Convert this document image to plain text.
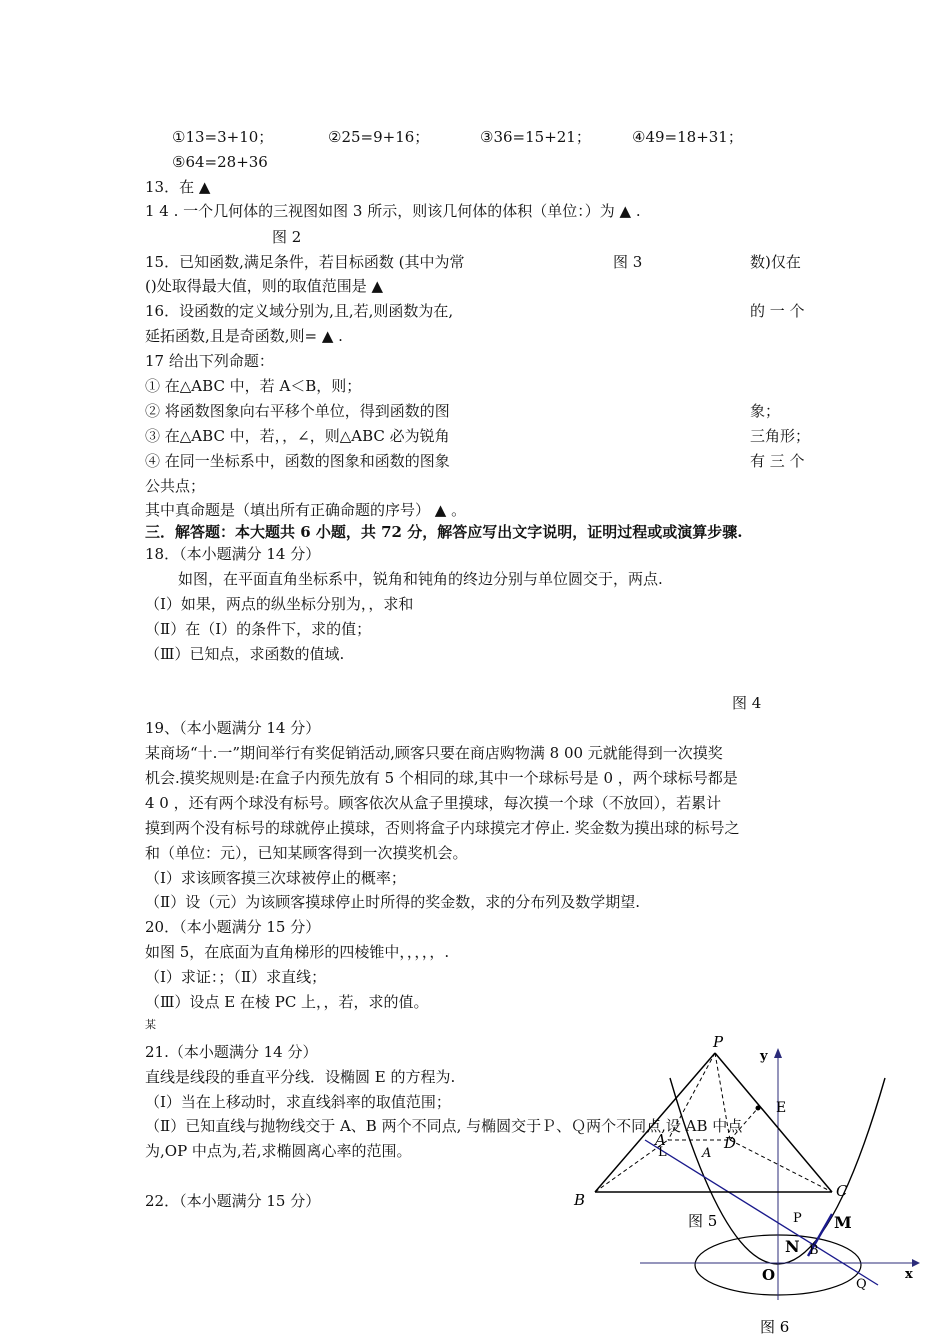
①13=3+10；	②25=9+16；	③36=15+21；	④49=18+31；
⑤64=28+36
13．在 ▲
1 4 . 一个几何体的三视图如图 3 所示，则该几何体的体积（单位：）为 ▲ .
图 2
15．已知函数,满足条件，若目标函数 (其中为常	图 3	数)仅在
()处取得最大值，则的取值范围是 ▲
16．设函数的定义域分别为,且,若,则函数为在,	的 一 个
延拓函数,且是奇函数,则= ▲ .
17 给出下列命题：
① 在△ABC 中，若 A＜B，则；
② 将函数图象向右平移个单位，得到函数的图	象；
③ 在△ABC 中，若，，∠，则△ABC 必为锐角	三角形；
④ 在同一坐标系中，函数的图象和函数的图象	有 三 个
公共点；
其中真命题是（填出所有正确命题的序号） ▲ 。
三．解答题：本大题共 6 小题，共 72 分，解答应写出文字说明，证明过程或或演算步骤.
18．（本小题满分 14 分）
如图，在平面直角坐标系中，锐角和钝角的终边分别与单位圆交于，两点.
（Ⅰ）如果，两点的纵坐标分别为，，求和
（Ⅱ）在（Ⅰ）的条件下，求的值；
（Ⅲ）已知点，求函数的值域.
图 4
19、（本小题满分 14 分）
某商场“十.一”期间举行有奖促销活动,顾客只要在商店购物满 8 00 元就能得到一次摸奖
机会.摸奖规则是:在盒子内预先放有 5 个相同的球,其中一个球标号是 0 ，两个球标号都是
4 0 ，还有两个球没有标号。顾客依次从盒子里摸球，每次摸一个球（不放回），若累计
摸到两个没有标号的球就停止摸球，否则将盒子内球摸完才停止. 奖金数为摸出球的标号之
和（单位：元），已知某顾客得到一次摸奖机会。
（Ⅰ）求该顾客摸三次球被停止的概率；
（Ⅱ）设（元）为该顾客摸球停止时所得的奖金数，求的分布列及数学期望.
20．（本小题满分 15 分）
如图 5，在底面为直角梯形的四棱锥中，，，，，.
（Ⅰ）求证：；（Ⅱ）求直线；
（Ⅲ）设点 E 在棱 PC 上，，若，求的值。
某
21.（本小题满分 14 分）
直线是线段的垂直平分线．设椭圆 E 的方程为.
（Ⅰ）当在上移动时，求直线斜率的取值范围；
（Ⅱ）已知直线与抛物线交于 A、B 两个不同点, 与椭圆交于Ｐ、Ｑ两个不同点,设 AB 中点
为,OP 中点为,若,求椭圆离心率的范围。
22．（本小题满分 15 分）
P
A	D
E
B	C
L	A
y
x
O
M
N
P
B
Q
图 5
图 6
